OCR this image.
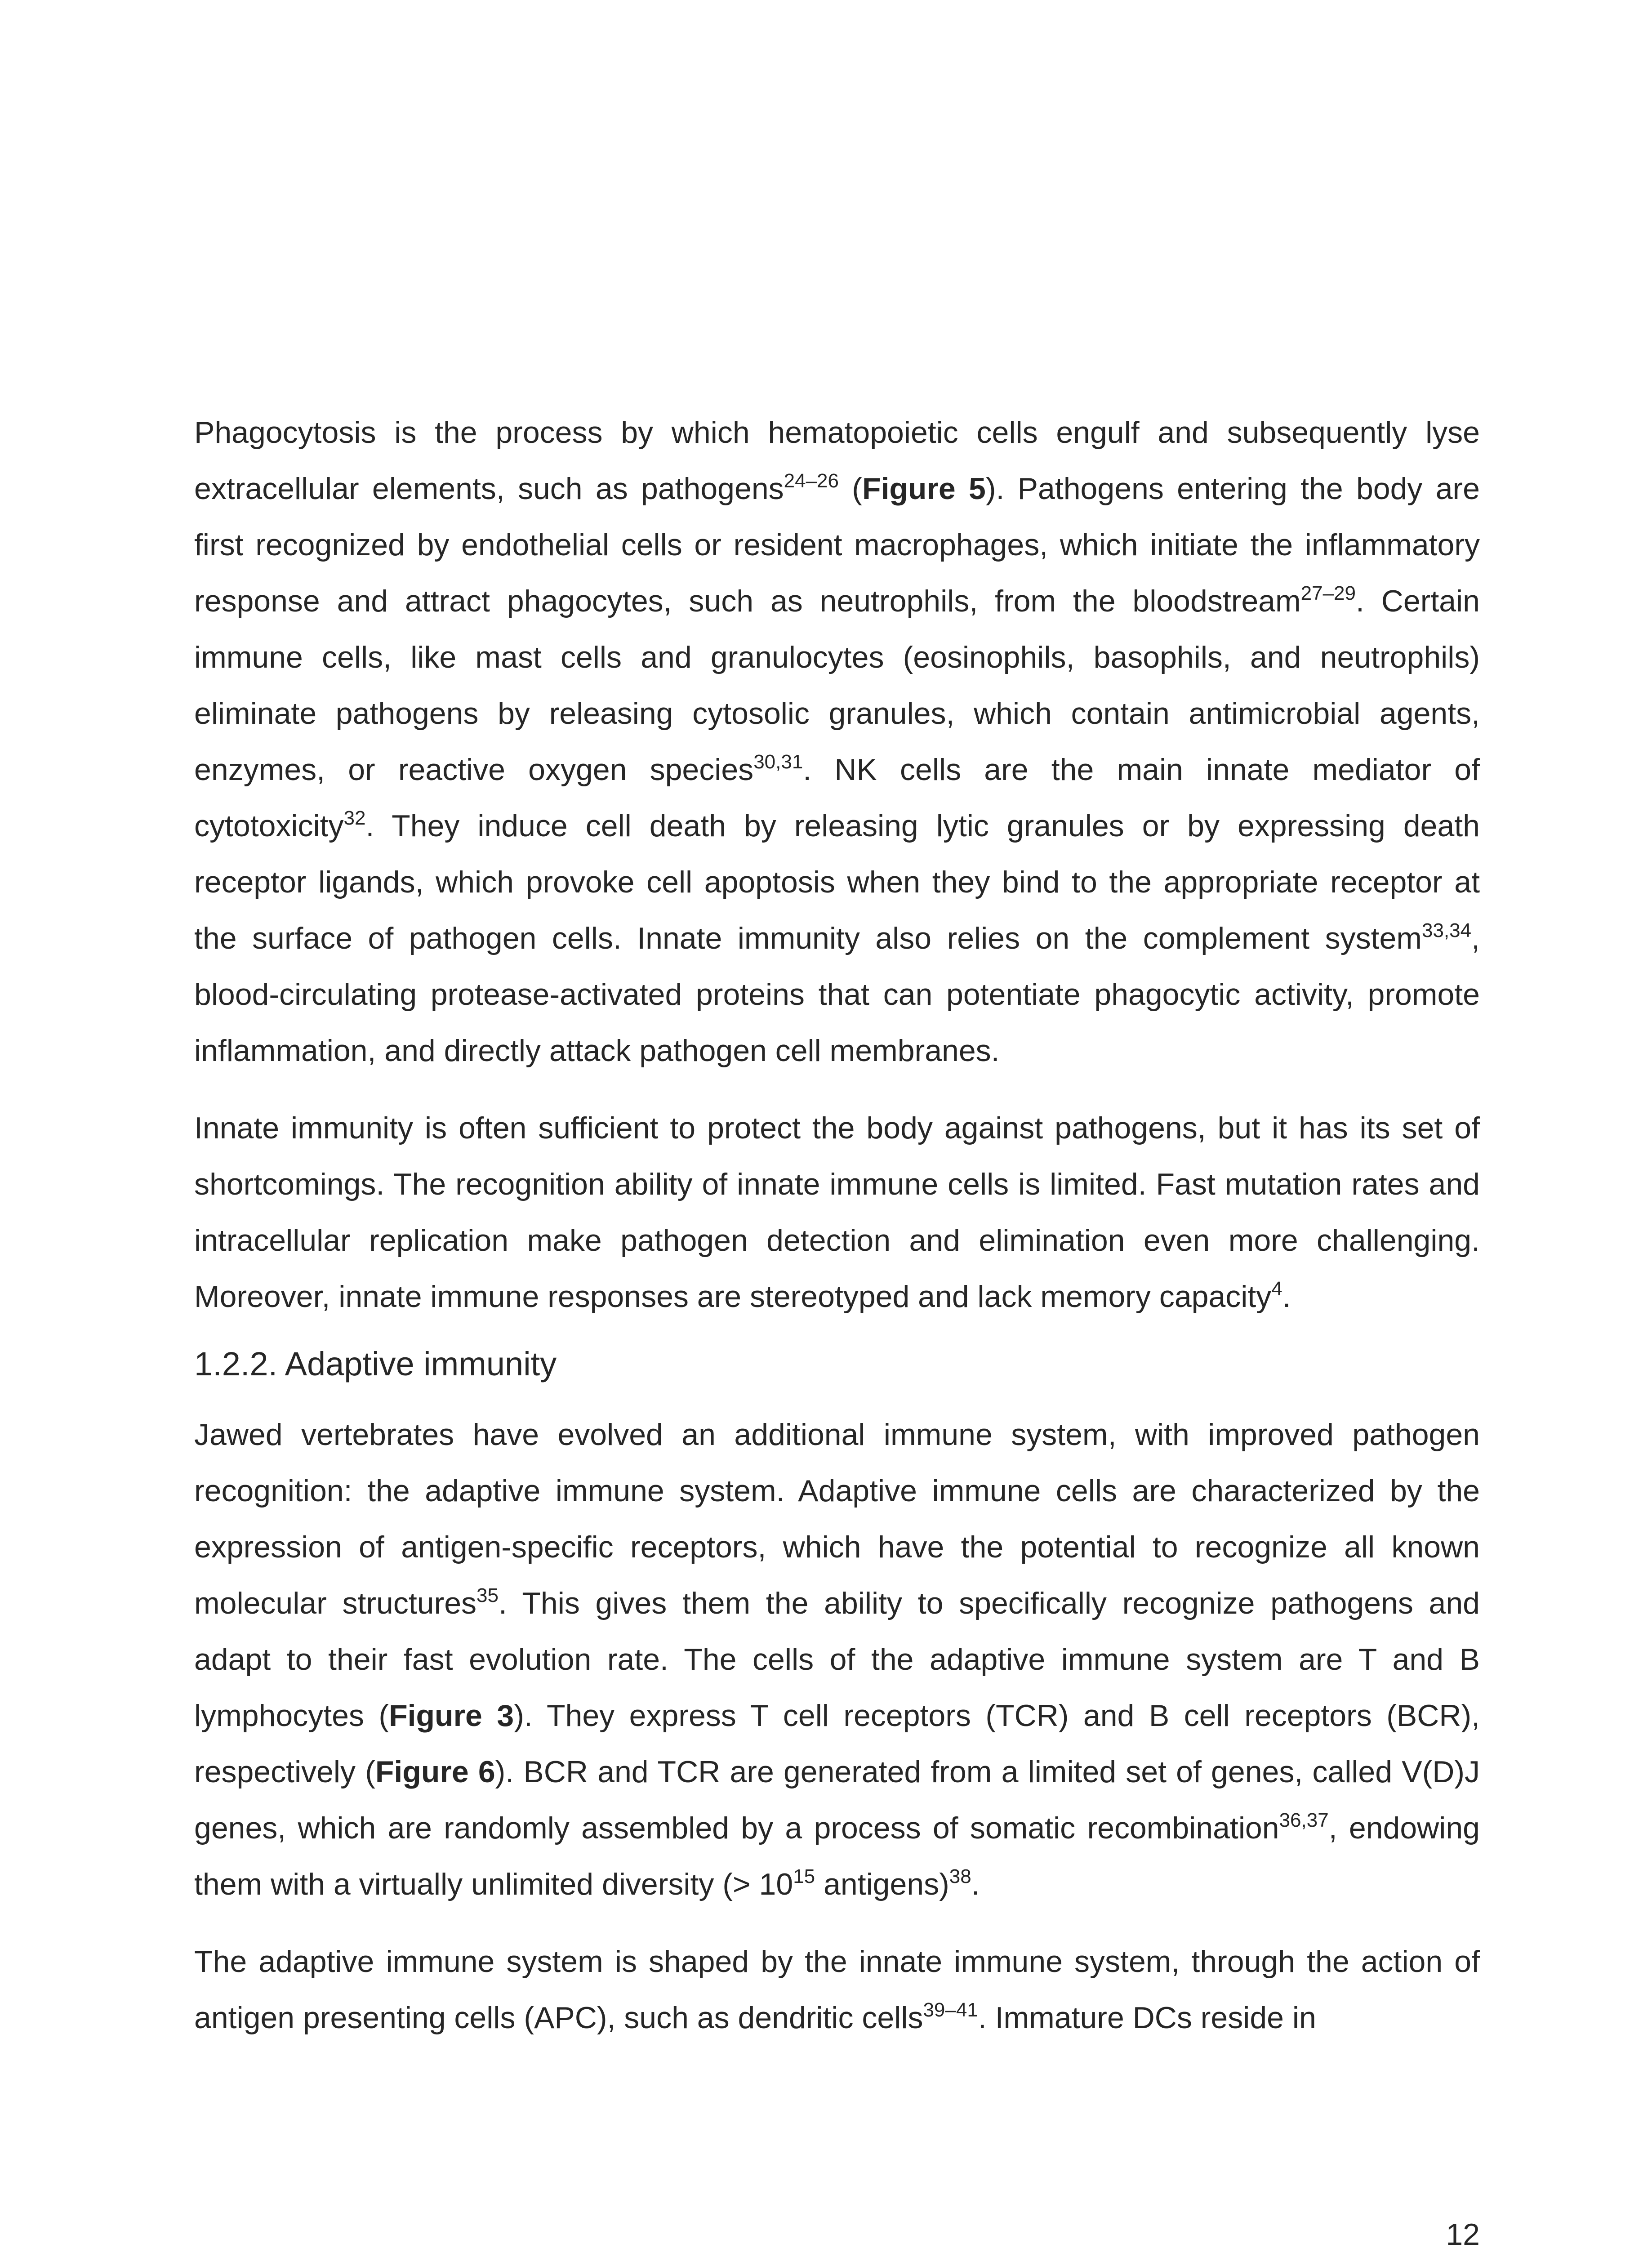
Phagocytosis is the process by which hematopoietic cells engulf and subsequently lyse extracellular elements, such as pathogens$^{24-26}$ (Figure 5). Pathogens entering the body are first recognized by endothelial cells or resident macrophages, which initiate the inflammatory response and attract phagocytes, such as neutrophils, from the bloodstream$^{27-29}$. Certain immune cells, like mast cells and granulocytes (eosinophils, basophils, and neutrophils) eliminate pathogens by releasing cytosolic granules, which contain antimicrobial agents, enzymes, or reactive oxygen species$^{30,31}$. NK cells are the main innate mediator of cytotoxicity$^{32}$. They induce cell death by releasing lytic granules or by expressing death receptor ligands, which provoke cell apoptosis when they bind to the appropriate receptor at the surface of pathogen cells. Innate immunity also relies on the complement system$^{33,34}$, blood-circulating protease-activated proteins that can potentiate phagocytic activity, promote inflammation, and directly attack pathogen cell membranes.

Innate immunity is often sufficient to protect the body against pathogens, but it has its set of shortcomings. The recognition ability of innate immune cells is limited. Fast mutation rates and intracellular replication make pathogen detection and elimination even more challenging. Moreover, innate immune responses are stereotyped and lack memory capacity$^4$.

1.2.2. Adaptive immunity

Jawed vertebrates have evolved an additional immune system, with improved pathogen recognition: the adaptive immune system. Adaptive immune cells are characterized by the expression of antigen-specific receptors, which have the potential to recognize all known molecular structures$^{35}$. This gives them the ability to specifically recognize pathogens and adapt to their fast evolution rate. The cells of the adaptive immune system are T and B lymphocytes (Figure 3). They express T cell receptors (TCR) and B cell receptors (BCR), respectively (Figure 6). BCR and TCR are generated from a limited set of genes, called V(D)J genes, which are randomly assembled by a process of somatic recombination$^{36,37}$, endowing them with a virtually unlimited diversity (> $10^{15}$ antigens)$^{38}$.

The adaptive immune system is shaped by the innate immune system, through the action of antigen presenting cells (APC), such as dendritic cells$^{39-41}$. Immature DCs reside in

12
